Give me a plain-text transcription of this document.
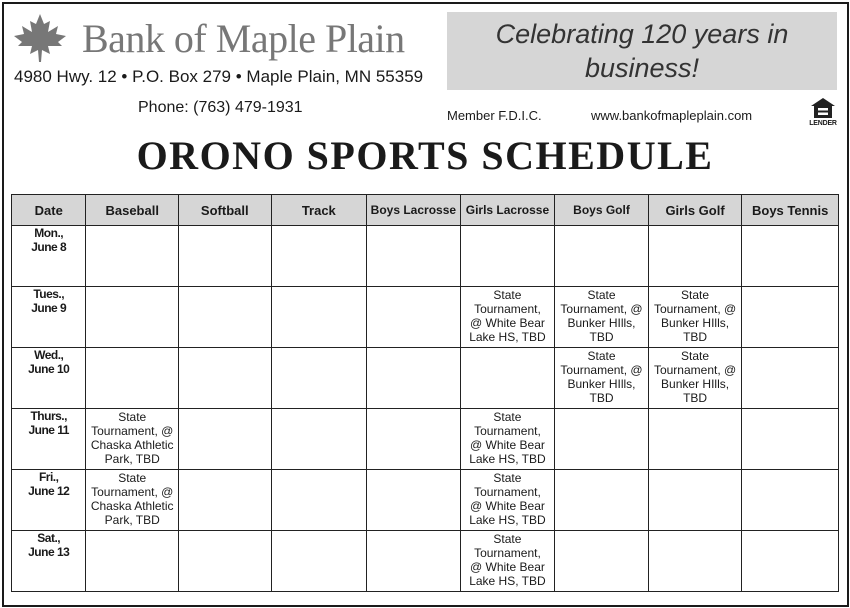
Bank of Maple Plain
4980 Hwy. 12 • P.O. Box 279 • Maple Plain, MN 55359
Phone: (763) 479-1931
Celebrating 120 years in business!
Member F.D.I.C.	www.bankofmapleplain.com
LENDER
ORONO SPORTS SCHEDULE
Date	Baseball	Softball	Track	Boys Lacrosse	Girls Lacrosse	Boys Golf	Girls Golf	Boys Tennis

Mon.,
June 8								

Tues.,
June 9					State
Tournament,
@ White Bear
Lake HS, TBD	State
Tournament, @
Bunker HIlls,
TBD	State
Tournament, @
Bunker HIlls,
TBD	

Wed.,
June 10						State
Tournament, @
Bunker HIlls,
TBD	State
Tournament, @
Bunker HIlls,
TBD	

Thurs.,
June 11	State
Tournament, @
Chaska Athletic
Park, TBD				State
Tournament,
@ White Bear
Lake HS, TBD			

Fri.,
June 12	State
Tournament, @
Chaska Athletic
Park, TBD				State
Tournament,
@ White Bear
Lake HS, TBD			

Sat.,
June 13					State
Tournament,
@ White Bear
Lake HS, TBD			
